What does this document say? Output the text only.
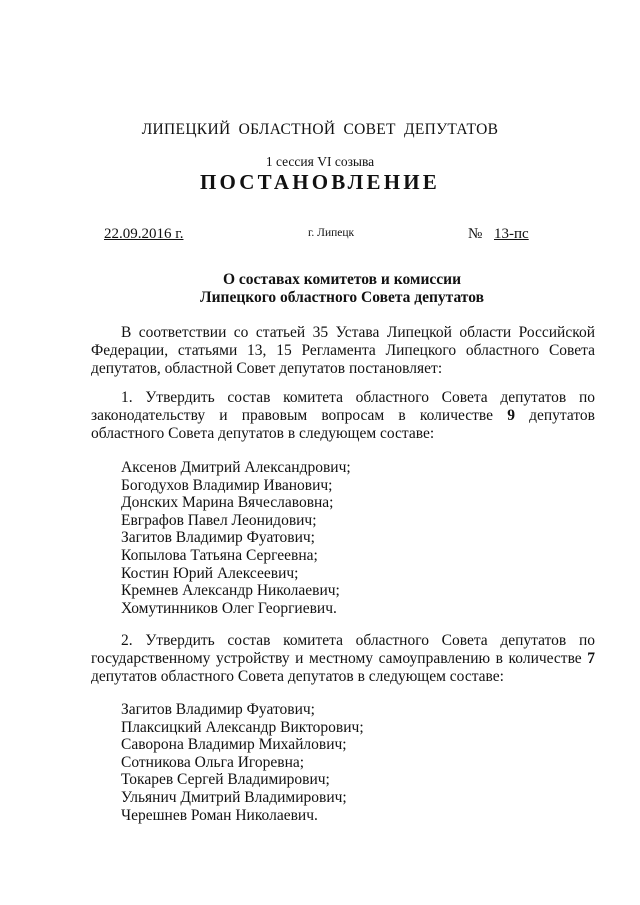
ЛИПЕЦКИЙ ОБЛАСТНОЙ СОВЕТ ДЕПУТАТОВ
1 сессия VI созыва
ПОСТАНОВЛЕНИЕ
22.09.2016 г.	г. Липецк	№ 13-пс
О составах комитетов и комиссии
Липецкого областного Совета депутатов
В соответствии со статьей 35 Устава Липецкой области Российской Федерации, статьями 13, 15 Регламента Липецкого областного Совета депутатов, областной Совет депутатов постановляет:
1. Утвердить состав комитета областного Совета депутатов по законодательству и правовым вопросам в количестве 9 депутатов областного Совета депутатов в следующем составе:
Аксенов Дмитрий Александрович;
Богодухов Владимир Иванович;
Донских Марина Вячеславовна;
Евграфов Павел Леонидович;
Загитов Владимир Фуатович;
Копылова Татьяна Сергеевна;
Костин Юрий Алексеевич;
Кремнев Александр Николаевич;
Хомутинников Олег Георгиевич.
2. Утвердить состав комитета областного Совета депутатов по государственному устройству и местному самоуправлению в количестве 7 депутатов областного Совета депутатов в следующем составе:
Загитов Владимир Фуатович;
Плаксицкий Александр Викторович;
Саворона Владимир Михайлович;
Сотникова Ольга Игоревна;
Токарев Сергей Владимирович;
Ульянич Дмитрий Владимирович;
Черешнев Роман Николаевич.
